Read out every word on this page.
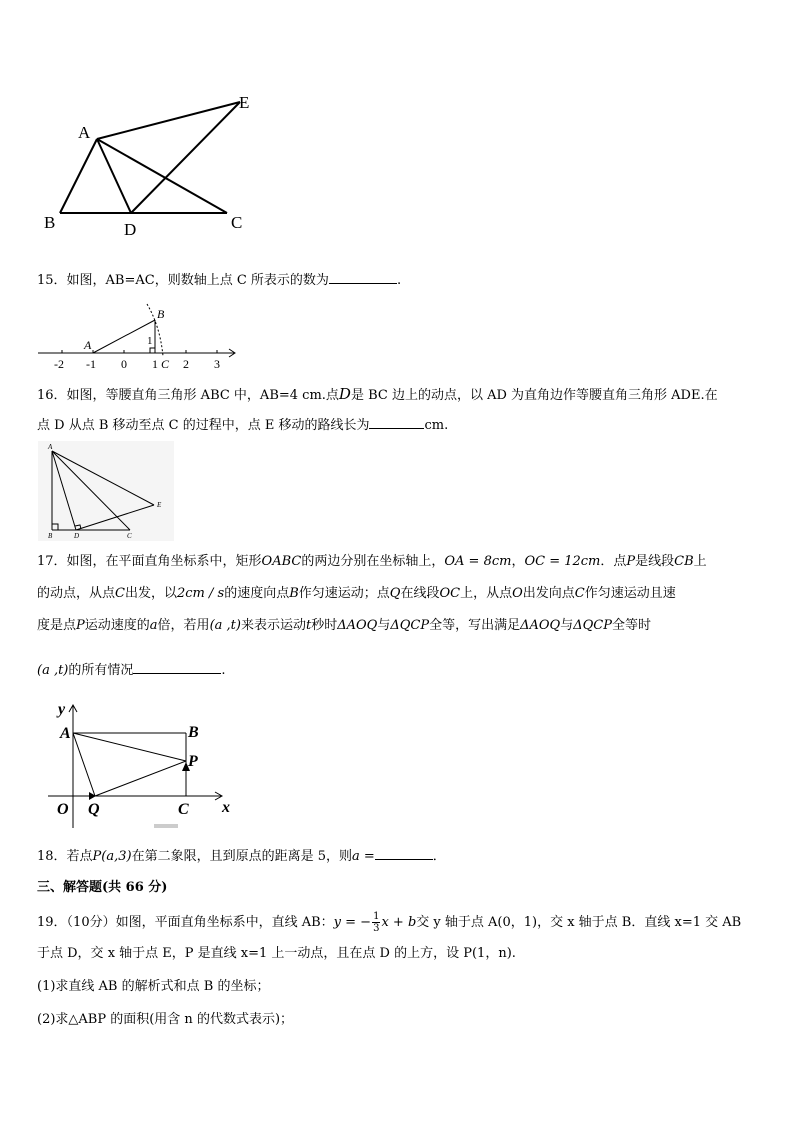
A
B	D	C
E
15．如图，AB=AC，则数轴上点 C 所表示的数为	.
A
B
1
C
-2 -1 0 1 2 3
16．如图，等腰直角三角形 ABC 中，AB=4 cm.点D是 BC 边上的动点，以 AD 为直角边作等腰直角三角形 ADE.在
点 D 从点 B 移动至点 C 的过程中，点 E 移动的路线长为	cm.
A
B	D	C
E
17．如图，在平面直角坐标系中，矩形OABC的两边分别在坐标轴上，OA = 8cm，OC = 12cm．点P是线段CB上
的动点，从点C出发，以2cm / s的速度向点B作匀速运动；点Q在线段OC上，从点O出发向点C作匀速运动且速
度是点P运动速度的a倍，若用(a ,t)来表示运动t秒时ΔAOQ与ΔQCP全等，写出满足ΔAOQ与ΔQCP全等时
(a ,t)的所有情况	.
y
x
A	B
P
O Q	C
18．若点P(a,3)在第二象限，且到原点的距离是 5，则a =	．
三、解答题(共 66 分)
19．（10分）如图，平面直角坐标系中，直线 AB：y = − $\frac{1}{3}$ x + b交 y 轴于点 A(0，1)，交 x 轴于点 B．直线 x=1 交 AB
于点 D，交 x 轴于点 E，P 是直线 x=1 上一动点，且在点 D 的上方，设 P(1，n).
(1)求直线 AB 的解析式和点 B 的坐标；
(2)求△ABP 的面积(用含 n 的代数式表示)；
